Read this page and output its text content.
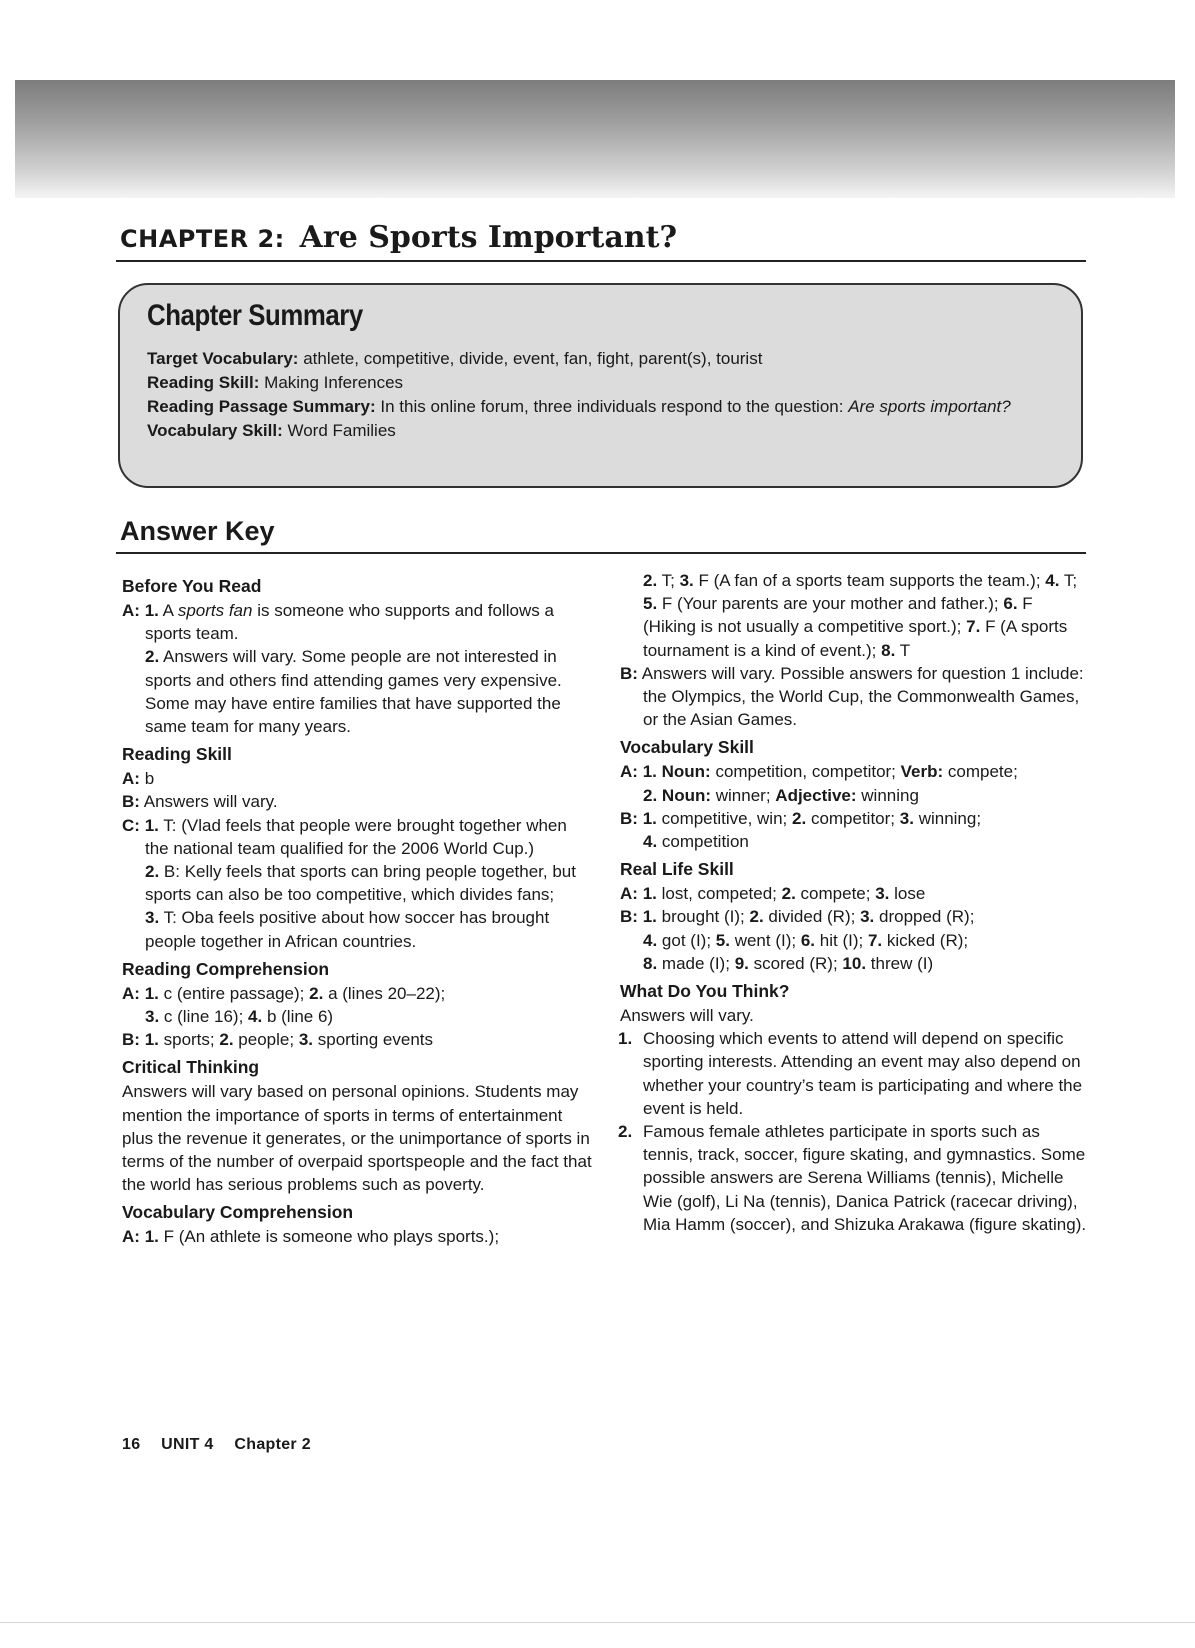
CHAPTER 2: Are Sports Important?
Chapter Summary

Target Vocabulary: athlete, competitive, divide, event, fan, fight, parent(s), tourist

Reading Skill: Making Inferences

Reading Passage Summary: In this online forum, three individuals respond to the question: Are sports important?

Vocabulary Skill: Word Families

Answer Key
Before You Read

A: 1. A sports fan is someone who supports and follows a sports team.

2. Answers will vary. Some people are not interested in sports and others find attending games very expensive. Some may have entire families that have supported the same team for many years.

Reading Skill

A: b

B: Answers will vary.

C: 1. T: (Vlad feels that people were brought together when the national team qualified for the 2006 World Cup.)

2. B: Kelly feels that sports can bring people together, but sports can also be too competitive, which divides fans;

3. T: Oba feels positive about how soccer has brought people together in African countries.

Reading Comprehension

A: 1. c (entire passage); 2. a (lines 20–22);

3. c (line 16); 4. b (line 6)

B: 1. sports; 2. people; 3. sporting events

Critical Thinking

Answers will vary based on personal opinions. Students may mention the importance of sports in terms of entertainment plus the revenue it generates, or the unimportance of sports in terms of the number of overpaid sportspeople and the fact that the world has serious problems such as poverty.

Vocabulary Comprehension

A: 1. F (An athlete is someone who plays sports.);

2. T; 3. F (A fan of a sports team supports the team.); 4. T; 5. F (Your parents are your mother and father.); 6. F (Hiking is not usually a competitive sport.); 7. F (A sports tournament is a kind of event.); 8. T

B: Answers will vary. Possible answers for question 1 include: the Olympics, the World Cup, the Commonwealth Games, or the Asian Games.

Vocabulary Skill

A: 1. Noun: competition, competitor; Verb: compete;

2. Noun: winner; Adjective: winning

B: 1. competitive, win; 2. competitor; 3. winning;

4. competition

Real Life Skill

A: 1. lost, competed; 2. compete; 3. lose

B: 1. brought (I); 2. divided (R); 3. dropped (R);

4. got (I); 5. went (I); 6. hit (I); 7. kicked (R);

8. made (I); 9. scored (R); 10. threw (I)

What Do You Think?

Answers will vary.

1. Choosing which events to attend will depend on specific sporting interests. Attending an event may also depend on whether your country’s team is participating and where the event is held.

2. Famous female athletes participate in sports such as tennis, track, soccer, figure skating, and gymnastics. Some possible answers are Serena Williams (tennis), Michelle Wie (golf), Li Na (tennis), Danica Patrick (racecar driving), Mia Hamm (soccer), and Shizuka Arakawa (figure skating).

16 UNIT 4 Chapter 2
